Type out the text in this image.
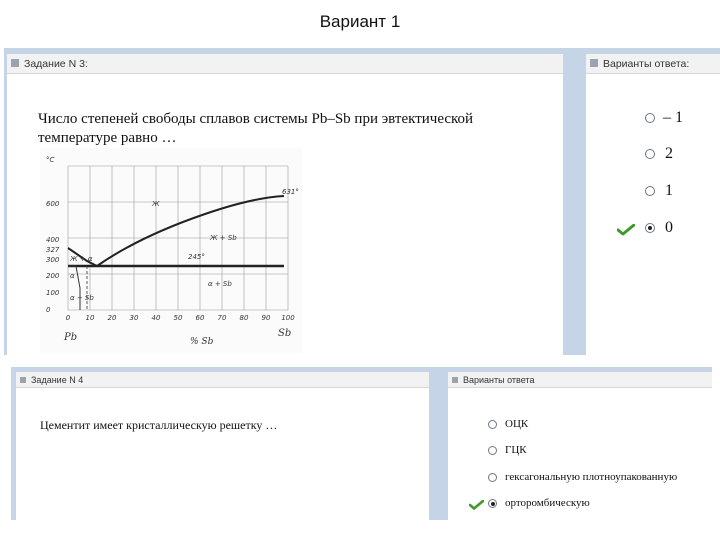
Вариант 1
Задание N 3:
Число степеней свободы сплавов системы Pb–Sb при эвтектической температуре равно …
°C
600
400
327
300
200
100
0
0 10 20 30 40 50 60 70 80 90 100
Pb	Sb
% Sb
Ж
Ж + Sb
Ж + α
α + Sb
α
α + Sb
245°
631°
Варианты ответа:
– 1
2
1
0
Задание N 4
Цементит имеет кристаллическую решетку …
Варианты ответа
ОЦК
ГЦК
гексагональную плотноупакованную
орторомбическую
